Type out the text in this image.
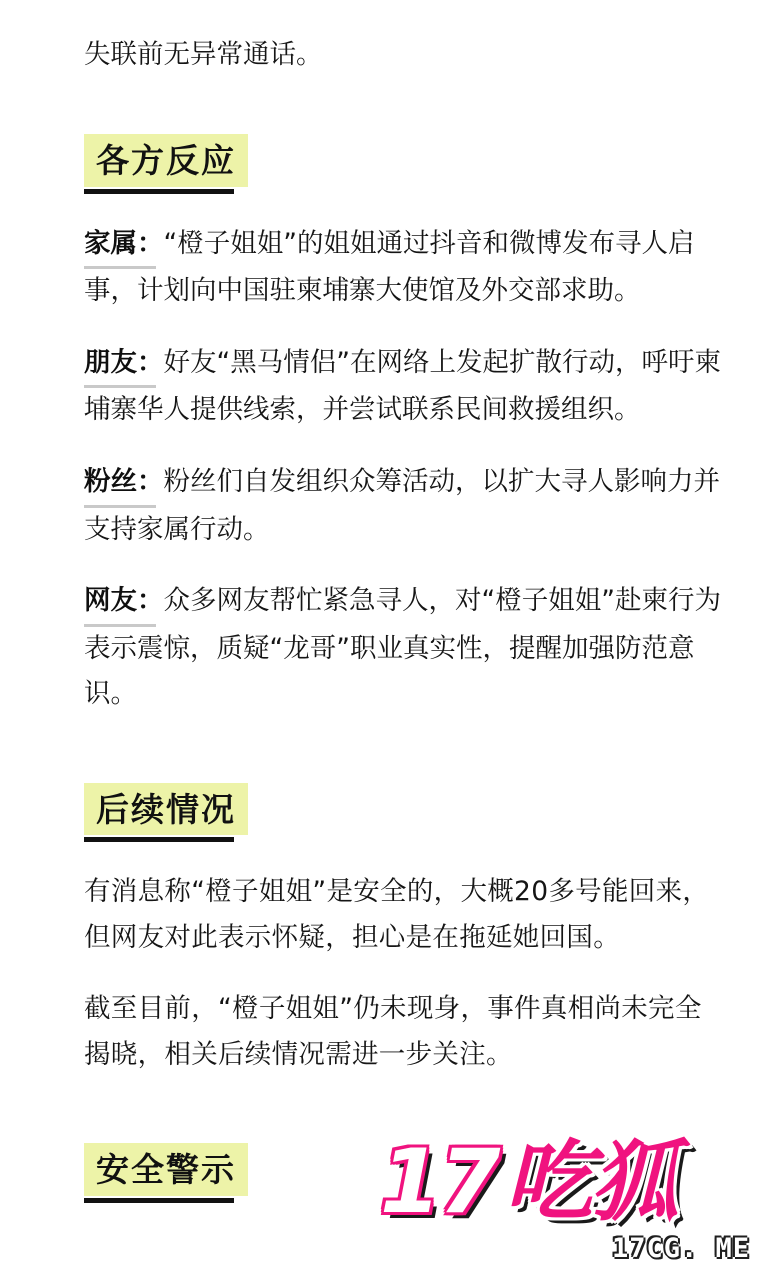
失联前无异常通话。

各方反应

家属：“橙子姐姐”的姐姐通过抖音和微博发布寻人启事，计划向中国驻柬埔寨大使馆及外交部求助。

朋友：好友“黑马情侣”在网络上发起扩散行动，呼吁柬埔寨华人提供线索，并尝试联系民间救援组织。

粉丝：粉丝们自发组织众筹活动，以扩大寻人影响力并支持家属行动。

网友：众多网友帮忙紧急寻人，对“橙子姐姐”赴柬行为表示震惊，质疑“龙哥”职业真实性，提醒加强防范意识。

后续情况

有消息称“橙子姐姐”是安全的，大概20多号能回来，但网友对此表示怀疑，担心是在拖延她回国。

截至目前，“橙子姐姐”仍未现身，事件真相尚未完全揭晓，相关后续情况需进一步关注。

安全警示	17吃狐
17CG. ME
